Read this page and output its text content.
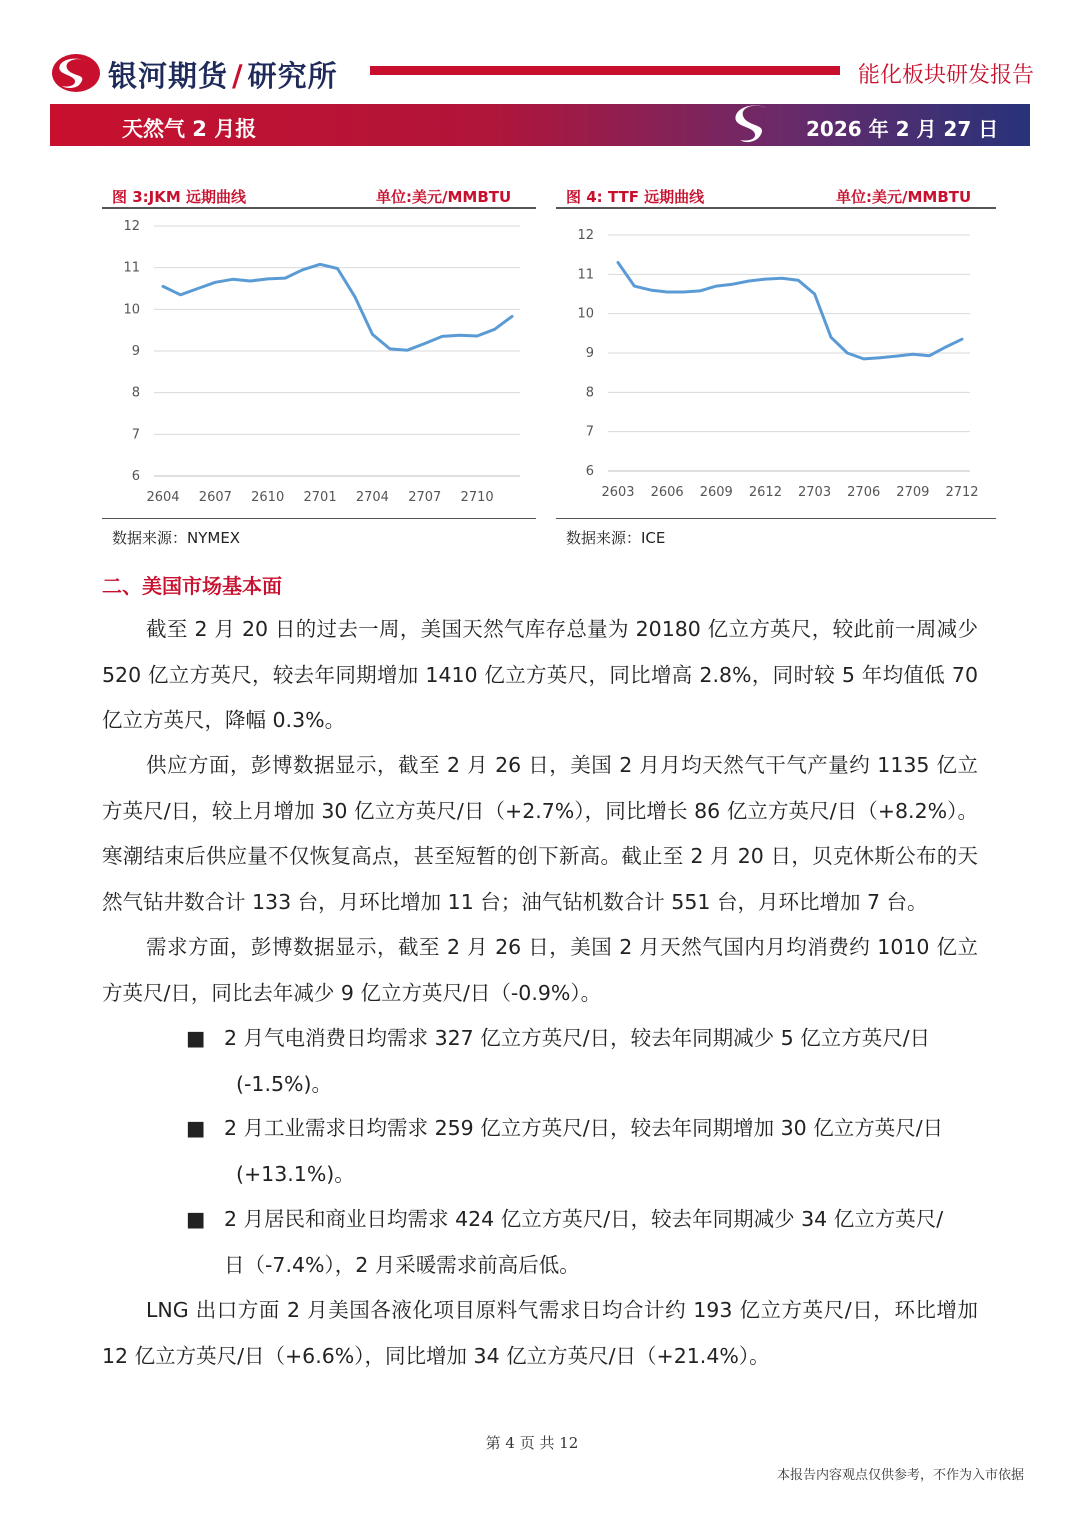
银河期货 / 研究所	能化板块研发报告
天然气 2 月报	2026 年 2 月 27 日
图 3:JKM 远期曲线	单位:美元/MMBTU
6
7
8
9
10
11
12
2604 2607 2610 2701 2704 2707 2710
数据来源：NYMEX
图 4: TTF 远期曲线	单位:美元/MMBTU
6
7
8
9
10
11
12
2603 2606 2609 2612 2703 2706 2709 2712
数据来源：ICE
二、美国市场基本面

截至 2 月 20 日的过去一周，美国天然气库存总量为 20180 亿立方英尺，较此前一周减少 520 亿立方英尺，较去年同期增加 1410 亿立方英尺，同比增高 2.8%，同时较 5 年均值低 70 亿立方英尺，降幅 0.3%。

供应方面，彭博数据显示，截至 2 月 26 日，美国 2 月月均天然气干气产量约 1135 亿立方英尺/日，较上月增加 30 亿立方英尺/日（+2.7%），同比增长 86 亿立方英尺/日（+8.2%）。寒潮结束后供应量不仅恢复高点，甚至短暂的创下新高。截止至 2 月 20 日，贝克休斯公布的天然气钻井数合计 133 台，月环比增加 11 台；油气钻机数合计 551 台，月环比增加 7 台。

需求方面，彭博数据显示，截至 2 月 26 日，美国 2 月天然气国内月均消费约 1010 亿立方英尺/日，同比去年减少 9 亿立方英尺/日（-0.9%）。

■ 2 月气电消费日均需求 327 亿立方英尺/日，较去年同期减少 5 亿立方英尺/日
(-1.5%)。
■ 2 月工业需求日均需求 259 亿立方英尺/日，较去年同期增加 30 亿立方英尺/日
(+13.1%)。
■ 2 月居民和商业日均需求 424 亿立方英尺/日，较去年同期减少 34 亿立方英尺/
日（-7.4%），2 月采暖需求前高后低。

LNG 出口方面 2 月美国各液化项目原料气需求日均合计约 193 亿立方英尺/日，环比增加 12 亿立方英尺/日（+6.6%），同比增加 34 亿立方英尺/日（+21.4%）。

第 4 页 共 12
本报告内容观点仅供参考，不作为入市依据
